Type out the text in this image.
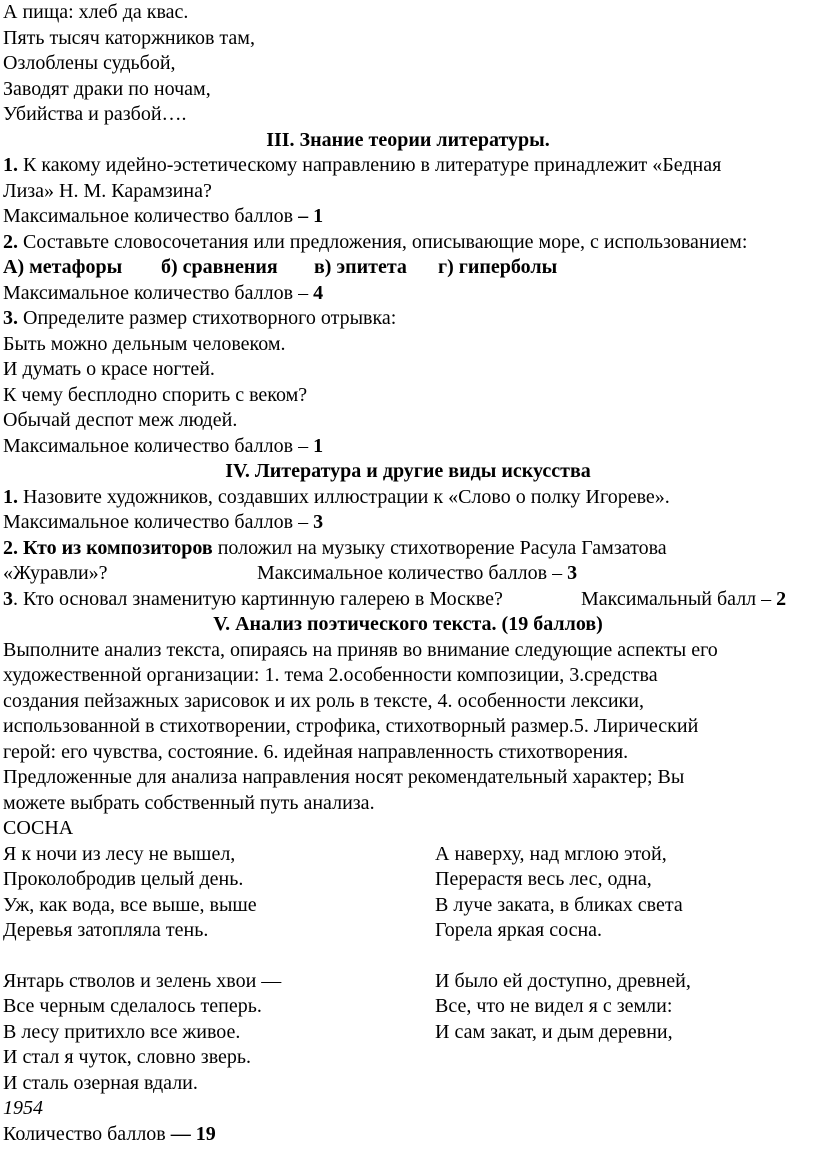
А пища: хлеб да квас.
Пять тысяч каторжников там,
Озлоблены судьбой,
Заводят драки по ночам,
Убийства и разбой….
III. Знание теории литературы.
1. К какому идейно-эстетическому направлению в литературе принадлежит «Бедная
Лиза» Н. М. Карамзина?
Максимальное количество баллов – 1
2. Составьте словосочетания или предложения, описывающие море, с использованием:
А) метафоры б) сравнения в) эпитета г) гиперболы
Максимальное количество баллов – 4
3. Определите размер стихотворного отрывка:
Быть можно дельным человеком.
И думать о красе ногтей.
К чему бесплодно спорить с веком?
Обычай деспот меж людей.
Максимальное количество баллов – 1
IV. Литература и другие виды искусства
1. Назовите художников, создавших иллюстрации к «Слово о полку Игореве».
Максимальное количество баллов – 3
2. Кто из композиторов положил на музыку стихотворение Расула Гамзатова
«Журавли»?	Максимальное количество баллов – 3
3. Кто основал знаменитую картинную галерею в Москве?	Максимальный балл – 2
V. Анализ поэтического текста. (19 баллов)
Выполните анализ текста, опираясь на приняв во внимание следующие аспекты его
художественной организации: 1. тема 2.особенности композиции, 3.средства
создания пейзажных зарисовок и их роль в тексте, 4. особенности лексики,
использованной в стихотворении, строфика, стихотворный размер.5. Лирический
герой: его чувства, состояние. 6. идейная направленность стихотворения.
Предложенные для анализа направления носят рекомендательный характер; Вы
можете выбрать собственный путь анализа.
СОСНА
Я к ночи из лесу не вышел,
Проколобродив целый день.
Уж, как вода, все выше, выше
Деревья затопляла тень.
А наверху, над мглою этой,
Перерастя весь лес, одна,
В луче заката, в бликах света
Горела яркая сосна.
Янтарь стволов и зелень хвои —
Все черным сделалось теперь.
В лесу притихло все живое.
И стал я чуток, словно зверь.
И сталь озерная вдали.
И было ей доступно, древней,
Все, что не видел я с земли:
И сам закат, и дым деревни,
1954
Количество баллов — 19
